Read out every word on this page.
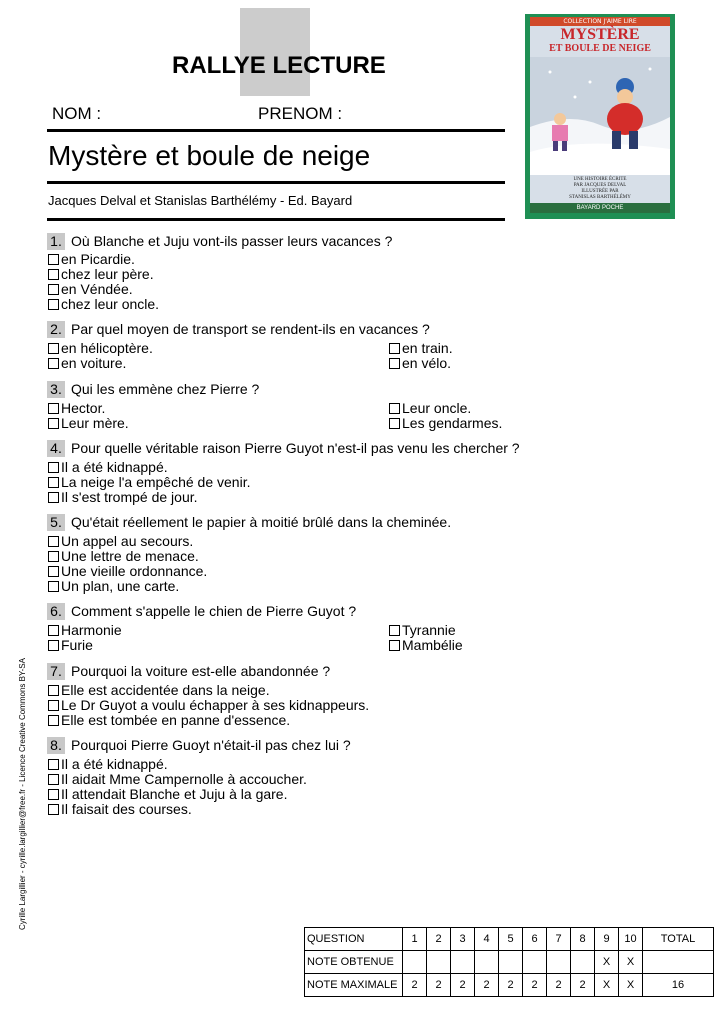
RALLYE LECTURE
NOM :	PRENOM :
Mystère et boule de neige
Jacques Delval et Stanislas Barthélémy - Ed. Bayard
COLLECTION J'AIME LIRE
MYSTÈRE
ET BOULE DE NEIGE
UNE HISTOIRE ÉCRITE
PAR JACQUES DELVAL
ILLUSTRÉE PAR
STANISLAS BARTHÉLÉMY
BAYARD POCHE
1. Où Blanche et Juju vont-ils passer leurs vacances ?
en Picardie.
chez leur père.
en Véndée.
chez leur oncle.
2. Par quel moyen de transport se rendent-ils en vacances ?
en hélicoptère.
en voiture.
en train.
en vélo.
3. Qui les emmène chez Pierre ?
Hector.
Leur mère.
Leur oncle.
Les gendarmes.
4. Pour quelle véritable raison Pierre Guyot n'est-il pas venu les chercher ?
Il a été kidnappé.
La neige l'a empêché de venir.
Il s'est trompé de jour.
5. Qu'était réellement le papier à moitié brûlé dans la cheminée.
Un appel au secours.
Une lettre de menace.
Une vieille ordonnance.
Un plan, une carte.
6. Comment s'appelle le chien de Pierre Guyot ?
Harmonie
Furie
Tyrannie
Mambélie
7. Pourquoi la voiture est-elle abandonnée ?
Elle est accidentée dans la neige.
Le Dr Guyot a voulu échapper à ses kidnappeurs.
Elle est tombée en panne d'essence.
8. Pourquoi Pierre Guoyt n'était-il pas chez lui ?
Il a été kidnappé.
Il aidait Mme Campernolle à accoucher.
Il attendait Blanche et Juju à la gare.
Il faisait des courses.
Cyrille Largillier - cyrille.largillier@free.fr - Licence Creative Commons BY-SA
QUESTION	1	2	3	4	5	6	7	8	9	10	TOTAL
NOTE OBTENUE									X	X	
NOTE MAXIMALE	2	2	2	2	2	2	2	2	X	X	16
